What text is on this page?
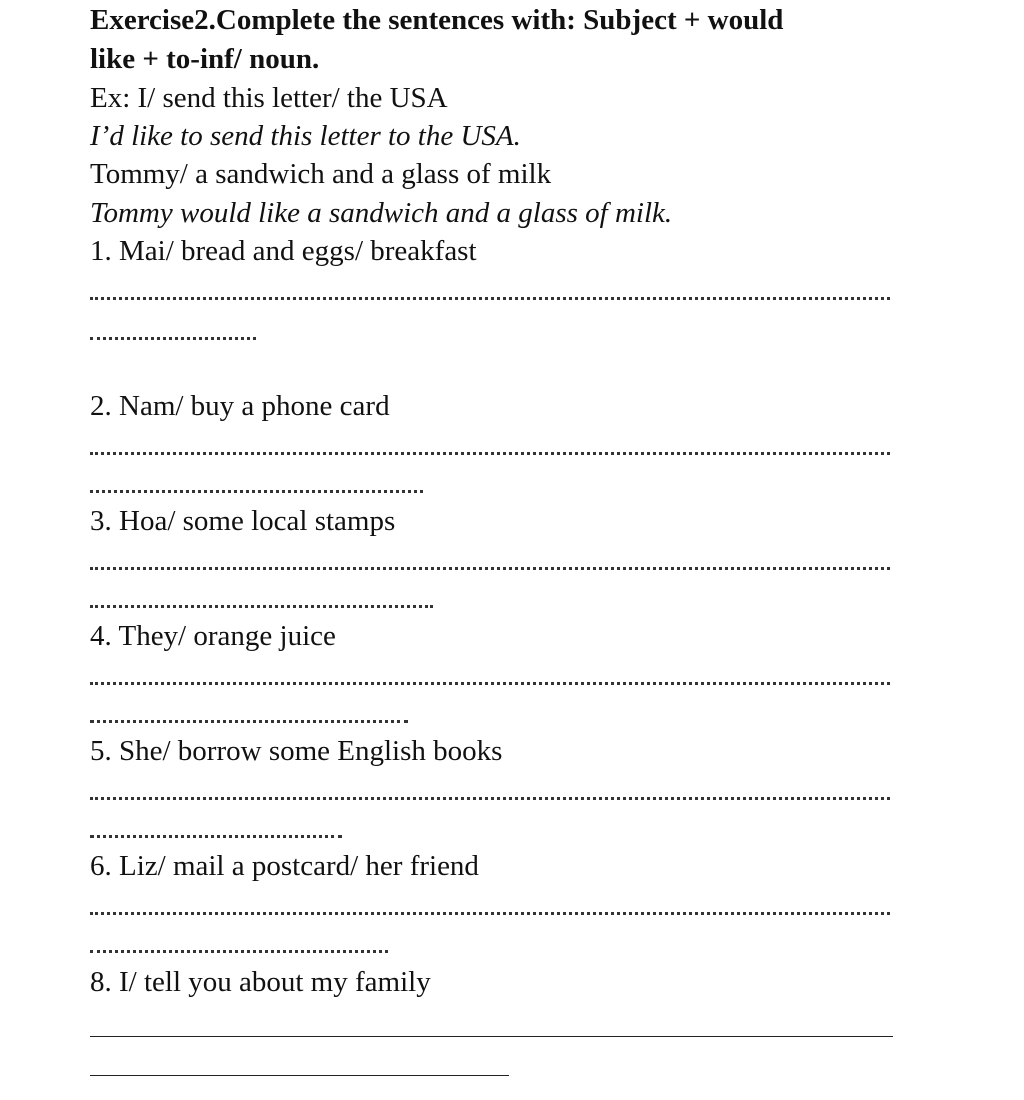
Exercise2.Complete the sentences with: Subject + would
like + to-inf/ noun.
Ex: I/ send this letter/ the USA
I’d like to send this letter to the USA.
Tommy/ a sandwich and a glass of milk
Tommy would like a sandwich and a glass of milk.
1. Mai/ bread and eggs/ breakfast
2. Nam/ buy a phone card
3. Hoa/ some local stamps
4. They/ orange juice
5. She/ borrow some English books
6. Liz/ mail a postcard/ her friend
8. I/ tell you about my family
